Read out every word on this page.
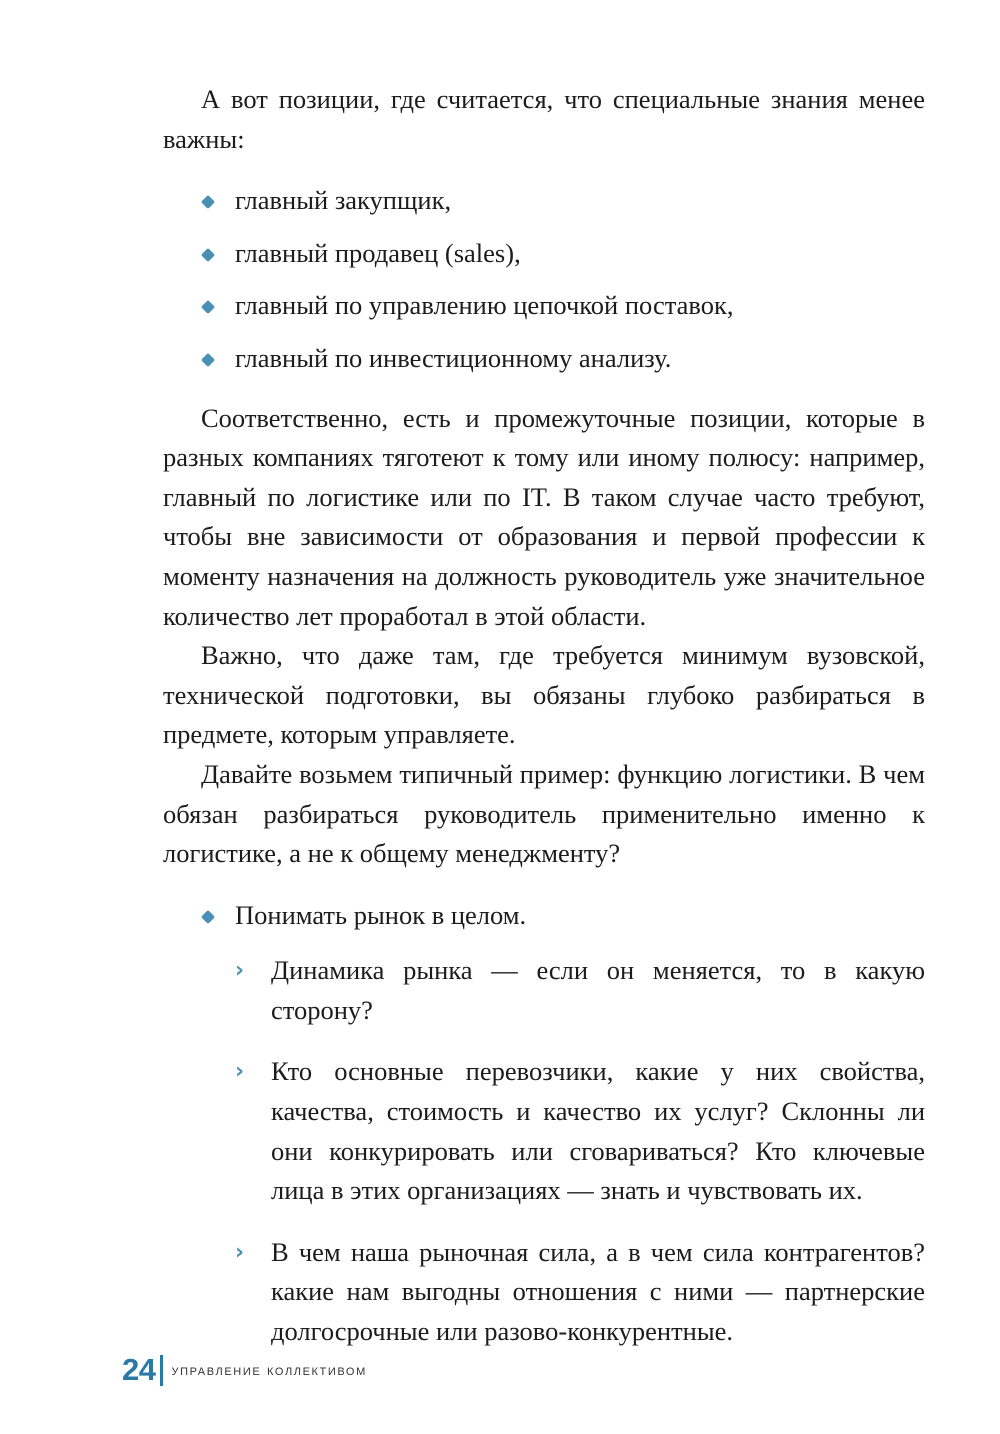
А вот позиции, где считается, что специальные знания менее важны:

главный закупщик,
главный продавец (sales),
главный по управлению цепочкой поставок,
главный по инвестиционному анализу.

Соответственно, есть и промежуточные позиции, которые в разных компаниях тяготеют к тому или иному полюсу: например, главный по логистике или по IT. В таком случае часто требуют, чтобы вне зависимости от образования и первой профессии к моменту назначения на должность руководитель уже значительное количество лет проработал в этой области.

Важно, что даже там, где требуется минимум вузовской, технической подготовки, вы обязаны глубоко разбираться в предмете, которым управляете.

Давайте возьмем типичный пример: функцию логистики. В чем обязан разбираться руководитель применительно именно к логистике, а не к общему менеджменту?

Понимать рынок в целом.
› Динамика рынка — если он меняется, то в какую сторону?
› Кто основные перевозчики, какие у них свойства, качества, стоимость и качество их услуг? Склонны ли они конкурировать или сговариваться? Кто ключевые лица в этих организациях — знать и чувствовать их.
› В чем наша рыночная сила, а в чем сила контрагентов? какие нам выгодны отношения с ними — партнерские долгосрочные или разово-конкурентные.
24 управление коллективом
